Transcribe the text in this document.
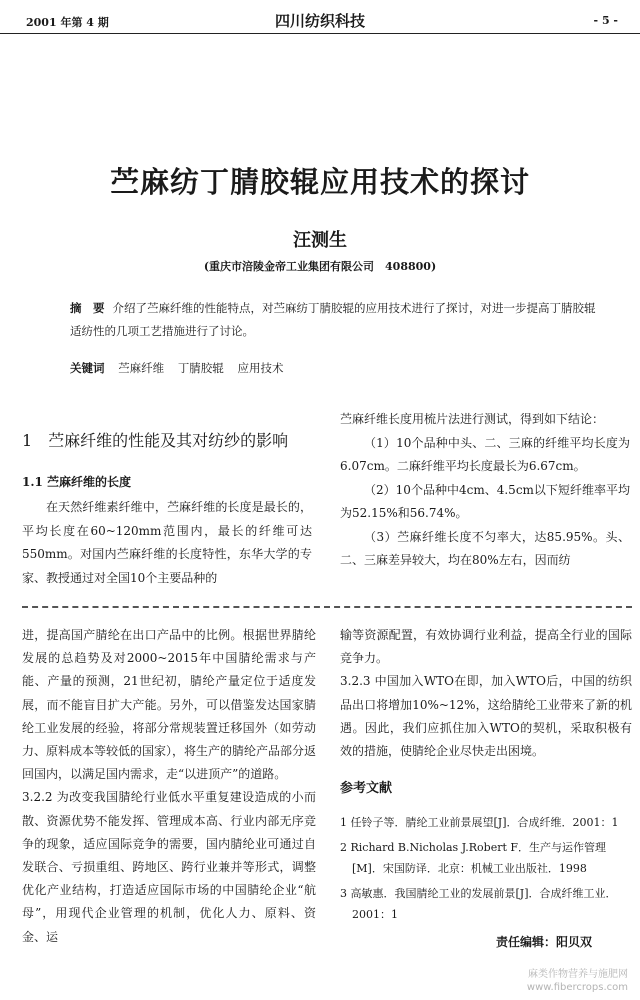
2001 年第 4 期	四川纺织科技	- 5 -
苎麻纺丁腈胶辊应用技术的探讨
汪测生
(重庆市涪陵金帝工业集团有限公司　408800)
摘　要 介绍了苎麻纤维的性能特点，对苎麻纺丁腈胶辊的应用技术进行了探讨，对进一步提高丁腈胶辊适纺性的几项工艺措施进行了讨论。
关键词 苎麻纤维 丁腈胶辊 应用技术
1　苎麻纤维的性能及其对纺纱的影响
1.1 苎麻纤维的长度

在天然纤维素纤维中，苎麻纤维的长度是最长的，平均长度在60~120mm范围内，最长的纤维可达550mm。对国内苎麻纤维的长度特性，东华大学的专家、教授通过对全国10个主要品种的

苎麻纤维长度用梳片法进行测试，得到如下结论：

（1）10个品种中头、二、三麻的纤维平均长度为6.07cm。二麻纤维平均长度最长为6.67cm。

（2）10个品种中4cm、4.5cm以下短纤维率平均为52.15%和56.74%。

（3）苎麻纤维长度不匀率大，达85.95%。头、二、三麻差异较大，均在80%左右，因而纺

进，提高国产腈纶在出口产品中的比例。根据世界腈纶发展的总趋势及对2000~2015年中国腈纶需求与产能、产量的预测，21世纪初，腈纶产量定位于适度发展，而不能盲目扩大产能。另外，可以借鉴发达国家腈纶工业发展的经验，将部分常规装置迁移国外（如劳动力、原料成本等较低的国家），将生产的腈纶产品部分返回国内，以满足国内需求，走“以进顶产”的道路。

3.2.2 为改变我国腈纶行业低水平重复建设造成的小而散、资源优势不能发挥、管理成本高、行业内部无序竞争的现象，适应国际竞争的需要，国内腈纶业可通过自发联合、亏损重组、跨地区、跨行业兼并等形式，调整优化产业结构，打造适应国际市场的中国腈纶企业“航母”，用现代企业管理的机制，优化人力、原料、资金、运

输等资源配置，有效协调行业利益，提高全行业的国际竞争力。

3.2.3 中国加入WTO在即，加入WTO后，中国的纺织品出口将增加10%~12%，这给腈纶工业带来了新的机遇。因此，我们应抓住加入WTO的契机，采取积极有效的措施，使腈纶企业尽快走出困境。

参考文献
1 任铃子等．腈纶工业前景展望[J]．合成纤维．2001：1
2 Richard B.Nicholas J.Robert F．生产与运作管理[M]．宋国防译．北京：机械工业出版社．1998
3 高敏惠．我国腈纶工业的发展前景[J]．合成纤维工业．2001：1
责任编辑：阳贝双
麻类作物营养与施肥网
www.fibercrops.com
